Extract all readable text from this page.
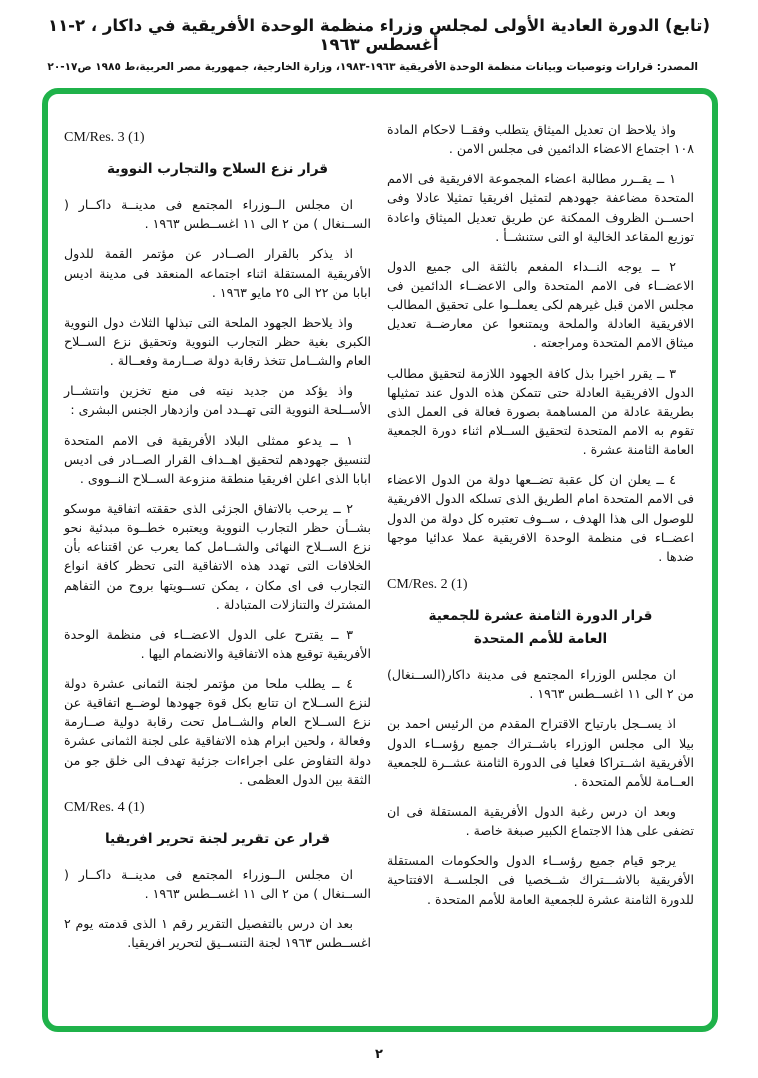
(تابع) الدورة العادية الأولى لمجلس وزراء منظمة الوحدة الأفريقية في داكار ، ٢-١١ أغسطس ١٩٦٣
المصدر: قرارات وتوصيات وبيانات منظمة الوحدة الأفريقية ١٩٦٣-١٩٨٣، وزارة الخارجية، جمهورية مصر العربية،ط ١٩٨٥ ص١٧-٢٠

واذ يلاحظ ان تعديل الميثاق يتطلب وفقــا لاحكام المادة ١٠٨ اجتماع الاعضاء الدائمين فى مجلس الامن .

١ ــ يقــرر مطالبة اعضاء المجموعة الافريقية فى الامم المتحدة مضاعفة جهودهم لتمثيل افريقيا تمثيلا عادلا وفى احســن الظروف الممكنة عن طريق تعديل الميثاق واعادة توزيع المقاعد الخالية او التى ستنشــأ .

٢ ــ يوجه النــداء المفعم بالثقة الى جميع الدول الاعضــاء فى الامم المتحدة والى الاعضــاء الدائمين فى مجلس الامن قبل غيرهم لكى يعملــوا على تحقيق المطالب الافريقية العادلة والملحة ويمتنعوا عن معارضــة تعديل ميثاق الامم المتحدة ومراجعته .

٣ ــ يقرر اخيرا بذل كافة الجهود اللازمة لتحقيق مطالب الدول الافريقية العادلة حتى تتمكن هذه الدول عند تمثيلها بطريقة عادلة من المساهمة بصورة فعالة فى العمل الذى تقوم به الامم المتحدة لتحقيق الســلام اثناء دورة الجمعية العامة الثامنة عشرة .

٤ ــ يعلن ان كل عقبة تضــعها دولة من الدول الاعضاء فى الامم المتحدة امام الطريق الذى تسلكه الدول الافريقية للوصول الى هذا الهدف ، ســوف تعتبره كل دولة من الدول اعضــاء فى منظمة الوحدة الافريقية عملا عدائيا موجها ضدها .

CM/Res. 2 (1)
قرار الدورة الثامنة عشرة للجمعية
العامة للأمم المتحدة

ان مجلس الوزراء المجتمع فى مدينة داكار(الســنغال) من ٢ الى ١١ اغســطس ١٩٦٣ .

اذ يســجل بارتياح الاقتراح المقدم من الرئيس احمد بن بيلا الى مجلس الوزراء باشــتراك جميع رؤســاء الدول الأفريقية اشــتراكا فعليا فى الدورة الثامنة عشــرة للجمعية العــامة للأمم المتحدة .

وبعد ان درس رغبة الدول الأفريقية المستقلة فى ان تضفى على هذا الاجتماع الكبير صبغة خاصة .

يرجو قيام جميع رؤســاء الدول والحكومات المستقلة الأفريقية بالاشـــتراك شــخصيا فى الجلســة الافتتاحية للدورة الثامنة عشرة للجمعية العامة للأمم المتحدة .

CM/Res. 3 (1)
قرار نزع السلاح والتجارب النووية

ان مجلس الــوزراء المجتمع فى مدينــة داكــار ( الســنغال ) من ٢ الى ١١ اغســطس ١٩٦٣ .

اذ يذكر بالقرار الصــادر عن مؤتمر القمة للدول الأفريقية المستقلة اثناء اجتماعه المنعقد فى مدينة اديس ابابا من ٢٢ الى ٢٥ مايو ١٩٦٣ .

واذ يلاحظ الجهود الملحة التى تبذلها الثلاث دول النووية الكبرى بغية حظر التجارب النووية وتحقيق نزع الســلاح العام والشــامل تتخذ رقابة دولة صــارمة وفعــالة .

واذ يؤكد من جديد نيته فى منع تخزين وانتشــار الأســلحة النووية التى تهــدد امن وازدهار الجنس البشرى :

١ ــ يدعو ممثلى البلاد الأفريقية فى الامم المتحدة لتنسيق جهودهم لتحقيق اهــداف القرار الصــادر فى اديس ابابا الذى اعلن افريقيا منطقة منزوعة الســلاح النــووى .

٢ ــ يرحب بالاتفاق الجزئى الذى حققته اتفاقية موسكو بشــأن حظر التجارب النووية ويعتبره خطــوة مبدئية نحو نزع الســلاح النهائى والشــامل كما يعرب عن اقتناعه بأن الخلافات التى تهدد هذه الاتفاقية التى تحظر كافة انواع التجارب فى اى مكان ، يمكن تســويتها بروح من التفاهم المشترك والتنازلات المتبادلة .

٣ ــ يقترح على الدول الاعضــاء فى منظمة الوحدة الأفريقية توقيع هذه الاتفاقية والانضمام اليها .

٤ ــ يطلب ملحا من مؤتمر لجنة الثمانى عشرة دولة لنزع الســلاح ان تتابع بكل قوة جهودها لوضــع اتفاقية عن نزع الســلاح العام والشــامل تحت رقابة دولية صــارمة وفعالة ، ولحين ابرام هذه الاتفاقية على لجنة الثمانى عشرة دولة التفاوض على اجراءات جزئية تهدف الى خلق جو من الثقة بين الدول العظمى .

CM/Res. 4 (1)
قرار عن تقرير لجنة تحرير افريقيا

ان مجلس الــوزراء المجتمع فى مدينــة داكــار ( الســنغال ) من ٢ الى ١١ اغســطس ١٩٦٣ .

بعد ان درس بالتفصيل التقرير رقم ١ الذى قدمته يوم ٢ اغســطس ١٩٦٣ لجنة التنســيق لتحرير افريقيا.

٢
